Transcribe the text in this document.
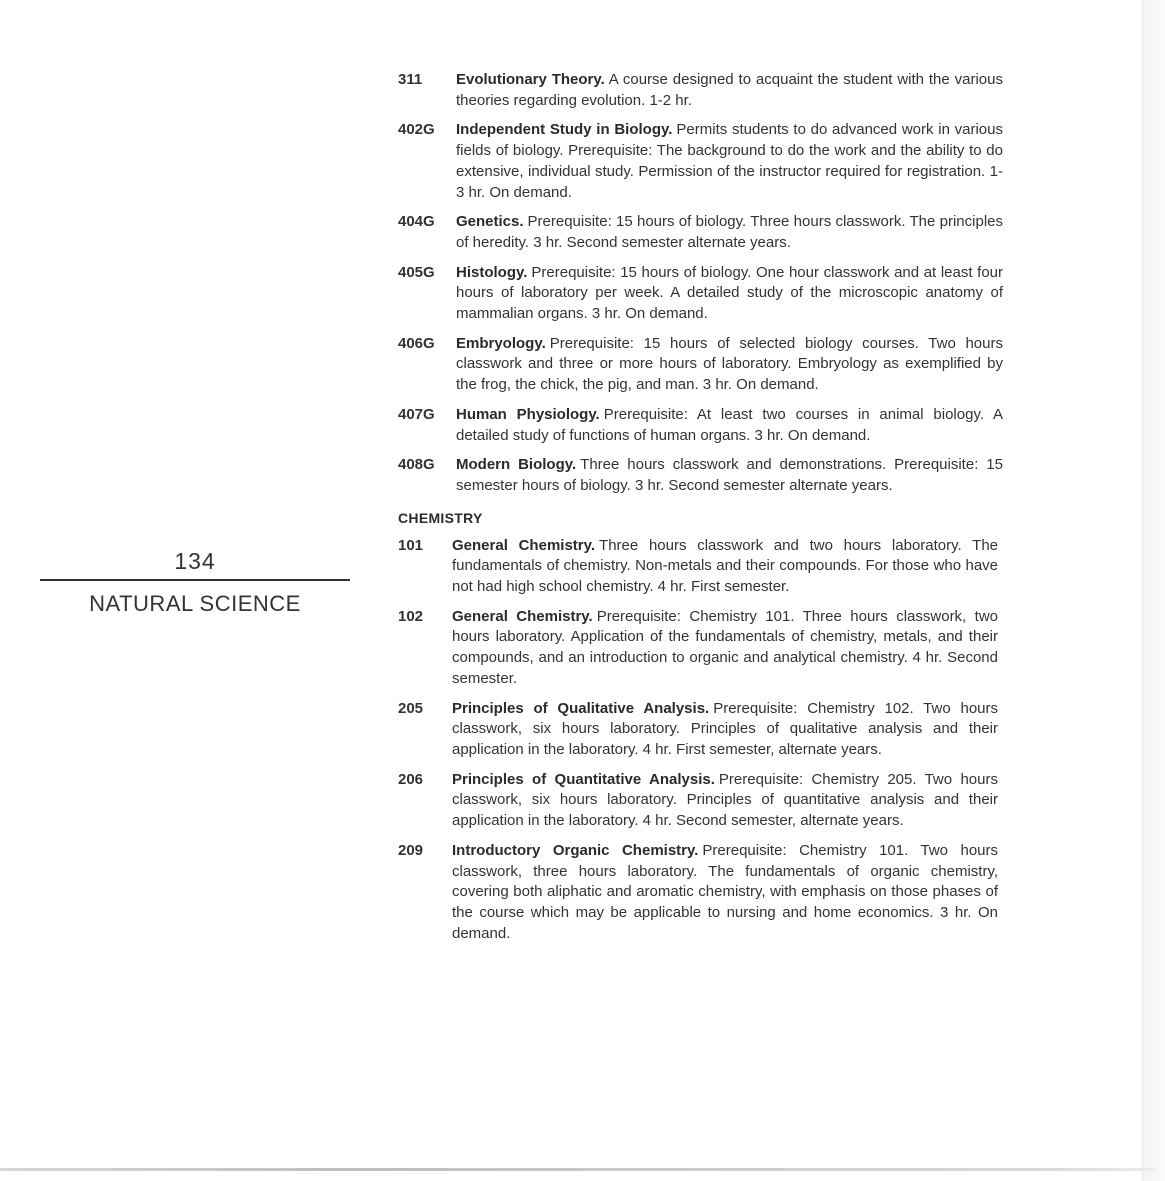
134
NATURAL SCIENCE
311	Evolutionary Theory. A course designed to acquaint the student with the various theories regarding evolution. 1-2 hr.
402G	Independent Study in Biology. Permits students to do advanced work in various fields of biology. Prerequisite: The background to do the work and the ability to do extensive, individual study. Permission of the instructor required for registration. 1-3 hr. On demand.
404G	Genetics. Prerequisite: 15 hours of biology. Three hours classwork. The principles of heredity. 3 hr. Second semester alternate years.
405G	Histology. Prerequisite: 15 hours of biology. One hour classwork and at least four hours of laboratory per week. A detailed study of the microscopic anatomy of mammalian organs. 3 hr. On demand.
406G	Embryology. Prerequisite: 15 hours of selected biology courses. Two hours classwork and three or more hours of laboratory. Embryology as exemplified by the frog, the chick, the pig, and man. 3 hr. On demand.
407G	Human Physiology. Prerequisite: At least two courses in animal biology. A detailed study of functions of human organs. 3 hr. On demand.
408G	Modern Biology. Three hours classwork and demonstrations. Prerequisite: 15 semester hours of biology. 3 hr. Second semester alternate years.
CHEMISTRY
101	General Chemistry. Three hours classwork and two hours laboratory. The fundamentals of chemistry. Non-metals and their compounds. For those who have not had high school chemistry. 4 hr. First semester.
102	General Chemistry. Prerequisite: Chemistry 101. Three hours classwork, two hours laboratory. Application of the fundamentals of chemistry, metals, and their compounds, and an introduction to organic and analytical chemistry. 4 hr. Second semester.
205	Principles of Qualitative Analysis. Prerequisite: Chemistry 102. Two hours classwork, six hours laboratory. Principles of qualitative analysis and their application in the laboratory. 4 hr. First semester, alternate years.
206	Principles of Quantitative Analysis. Prerequisite: Chemistry 205. Two hours classwork, six hours laboratory. Principles of quantitative analysis and their application in the laboratory. 4 hr. Second semester, alternate years.
209	Introductory Organic Chemistry. Prerequisite: Chemistry 101. Two hours classwork, three hours laboratory. The fundamentals of organic chemistry, covering both aliphatic and aromatic chemistry, with emphasis on those phases of the course which may be applicable to nursing and home economics. 3 hr. On demand.
